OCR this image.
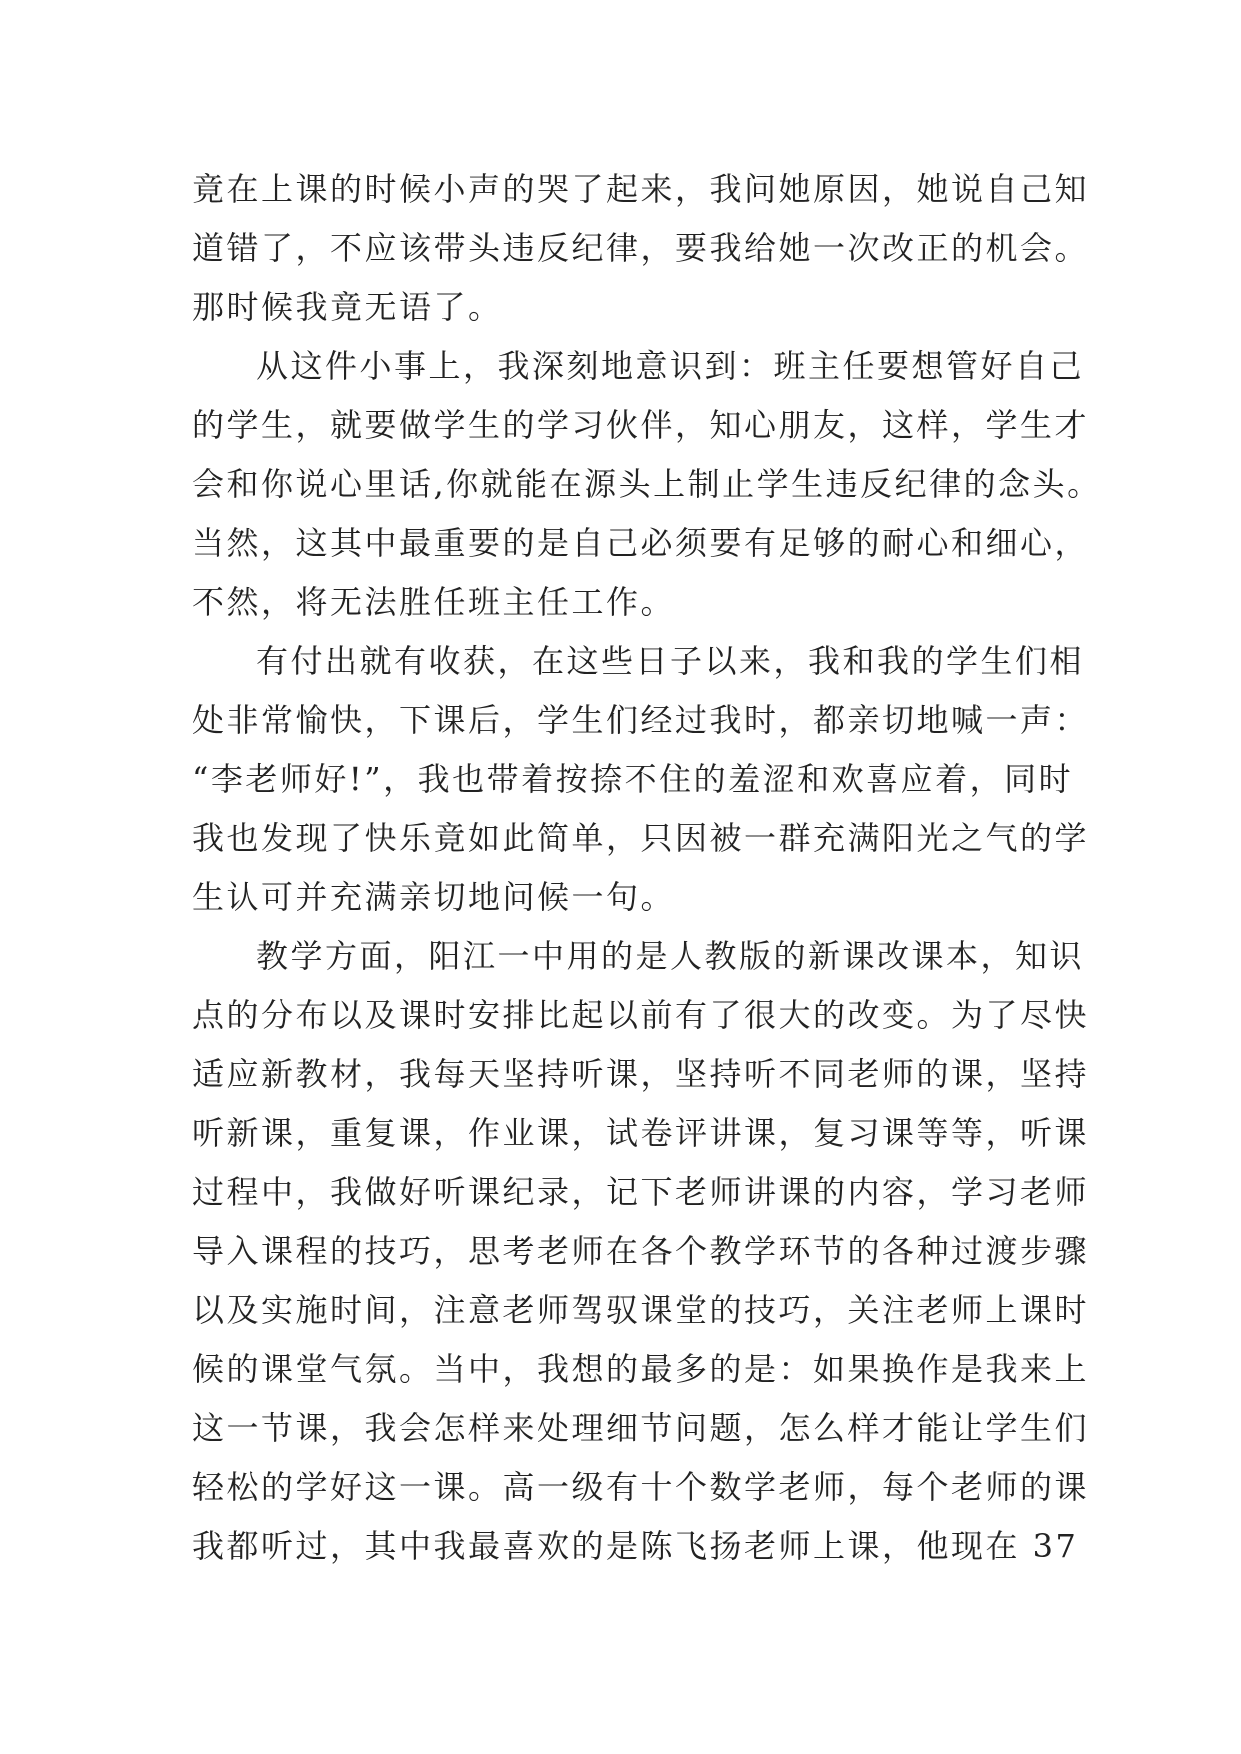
竟在上课的时候小声的哭了起来，我问她原因，她说自己知
道错了，不应该带头违反纪律，要我给她一次改正的机会。
那时候我竟无语了。
从这件小事上，我深刻地意识到：班主任要想管好自己
的学生，就要做学生的学习伙伴，知心朋友，这样，学生才
会和你说心里话,你就能在源头上制止学生违反纪律的念头。
当然，这其中最重要的是自己必须要有足够的耐心和细心，
不然，将无法胜任班主任工作。
有付出就有收获，在这些日子以来，我和我的学生们相
处非常愉快，下课后，学生们经过我时，都亲切地喊一声：
“李老师好!”，我也带着按捺不住的羞涩和欢喜应着，同时
我也发现了快乐竟如此简单，只因被一群充满阳光之气的学
生认可并充满亲切地问候一句。
教学方面，阳江一中用的是人教版的新课改课本，知识
点的分布以及课时安排比起以前有了很大的改变。为了尽快
适应新教材，我每天坚持听课，坚持听不同老师的课，坚持
听新课，重复课，作业课，试卷评讲课，复习课等等，听课
过程中，我做好听课纪录，记下老师讲课的内容，学习老师
导入课程的技巧，思考老师在各个教学环节的各种过渡步骤
以及实施时间，注意老师驾驭课堂的技巧，关注老师上课时
候的课堂气氛。当中，我想的最多的是：如果换作是我来上
这一节课，我会怎样来处理细节问题，怎么样才能让学生们
轻松的学好这一课。高一级有十个数学老师，每个老师的课
我都听过，其中我最喜欢的是陈飞扬老师上课，他现在 37
